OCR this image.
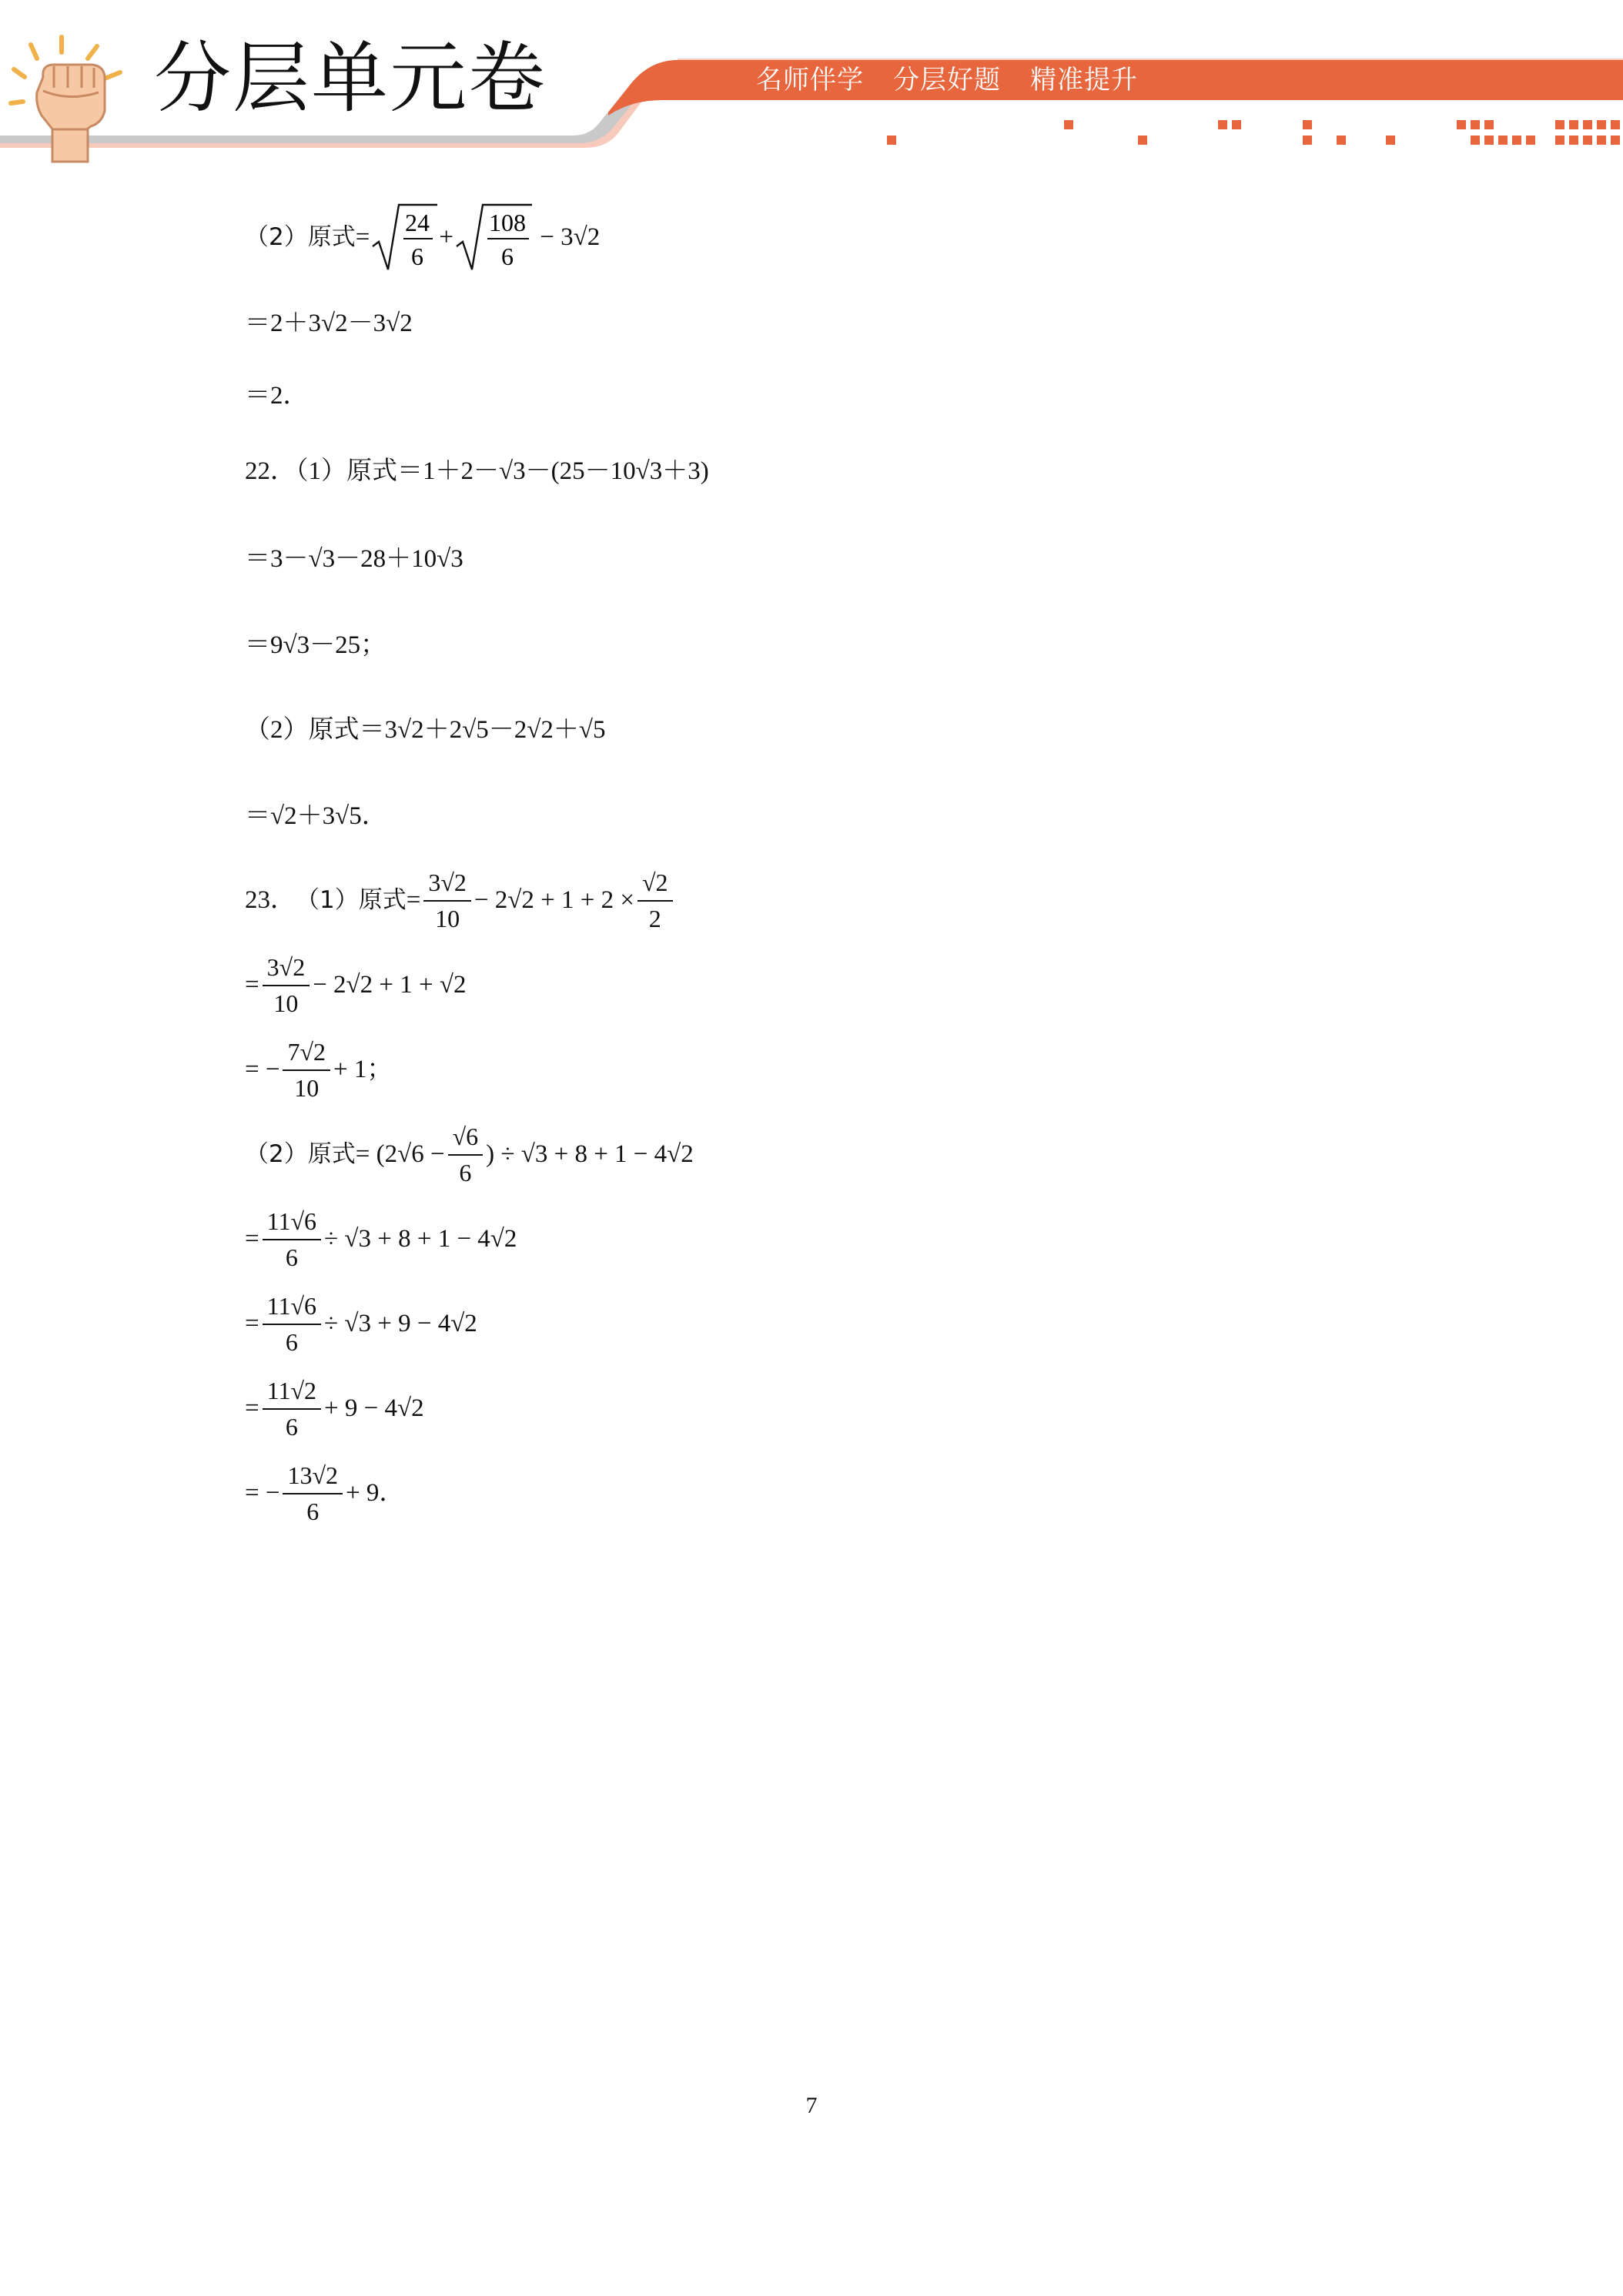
分层单元卷	名师伴学 分层好题 精准提升
（2）原式 =
24
6
+
108
6
− 3√2
＝2＋3√2－3√2
＝2．
22．（1）原式＝1＋2－√3－(25－10√3＋3)
＝3－√3－28＋10√3
＝9√3－25；
（2）原式＝3√2＋2√5－2√2＋√5
＝√2＋3√5．
23． （1）原式 = $\frac{3√2}{10} - 2√2 + 1 + 2 \times \frac{√2}{2}$
= $\frac{3√2}{10} - 2√2 + 1 + √2$
= − $\frac{7√2}{10} + 1$；
（2）原式 = ($2√6 - \frac{√6}{6}$ ) ÷ √3 + 8 + 1 − 4√2
= $\frac{11√6}{6} \div √3 + 8 + 1 - 4√2$
= $\frac{11√6}{6} \div √3 + 9 - 4√2$
= $\frac{11√2}{6} + 9 - 4√2$
= − $\frac{13√2}{6} + 9$．
7
